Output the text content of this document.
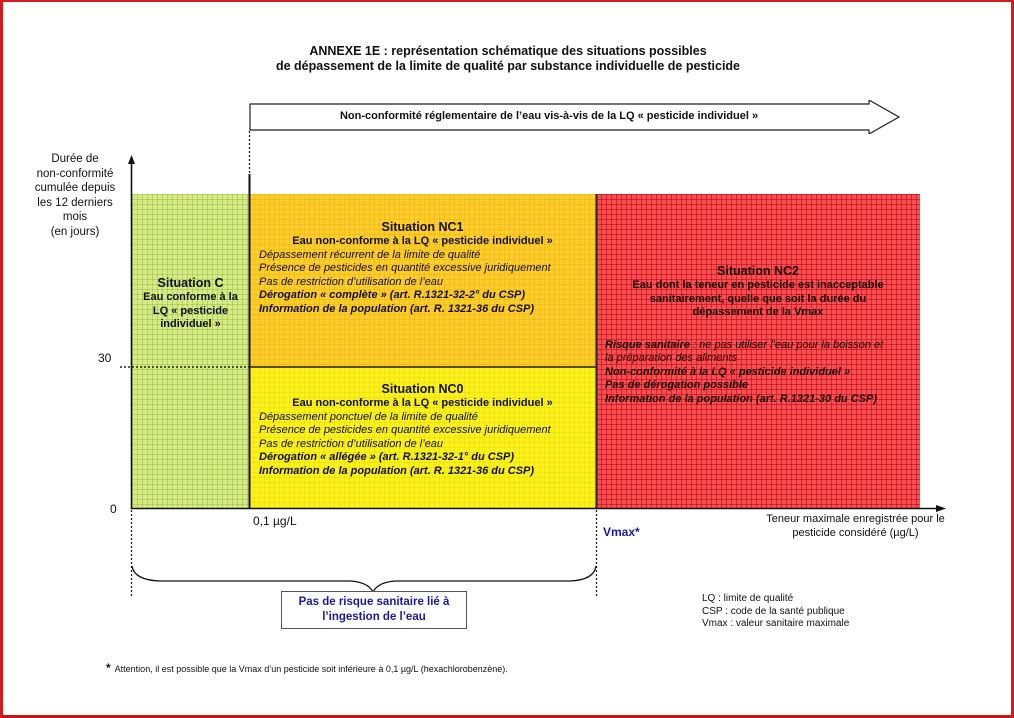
ANNEXE 1E : représentation schématique des situations possibles
de dépassement de la limite de qualité par substance individuelle de pesticide
Non-conformité réglementaire de l’eau vis-à-vis de la LQ « pesticide individuel »
Durée de
non-conformité
cumulée depuis
les 12 derniers
mois
(en jours)
30
0
0,1 µg/L
Vmax*
Teneur maximale enregistrée pour le
pesticide considéré (µg/L)
Situation C
Eau conforme à la
LQ « pesticide
individuel »
Situation NC1
Eau non-conforme à la LQ « pesticide individuel »
Dépassement récurrent de la limite de qualité
Présence de pesticides en quantité excessive juridiquement
Pas de restriction d’utilisation de l’eau
Dérogation « complète » (art. R.1321-32-2° du CSP)
Information de la population (art. R. 1321-36 du CSP)
Situation NC0
Eau non-conforme à la LQ « pesticide individuel »
Dépassement ponctuel de la limite de qualité
Présence de pesticides en quantité excessive juridiquement
Pas de restriction d’utilisation de l’eau
Dérogation « allégée » (art. R.1321-32-1° du CSP)
Information de la population (art. R. 1321-36 du CSP)
Situation NC2
Eau dont la teneur en pesticide est inacceptable
sanitairement, quelle que soit la durée du
dépassement de la Vmax
Risque sanitaire : ne pas utiliser l’eau pour la boisson et
la préparation des aliments
Non-conformité à la LQ « pesticide individuel »
Pas de dérogation possible
Information de la population (art. R.1321-30 du CSP)
Pas de risque sanitaire lié à
l’ingestion de l’eau
LQ : limite de qualité
CSP : code de la santé publique
Vmax : valeur sanitaire maximale
* Attention, il est possible que la Vmax d’un pesticide soit inférieure à 0,1 µg/L (hexachlorobenzène).
